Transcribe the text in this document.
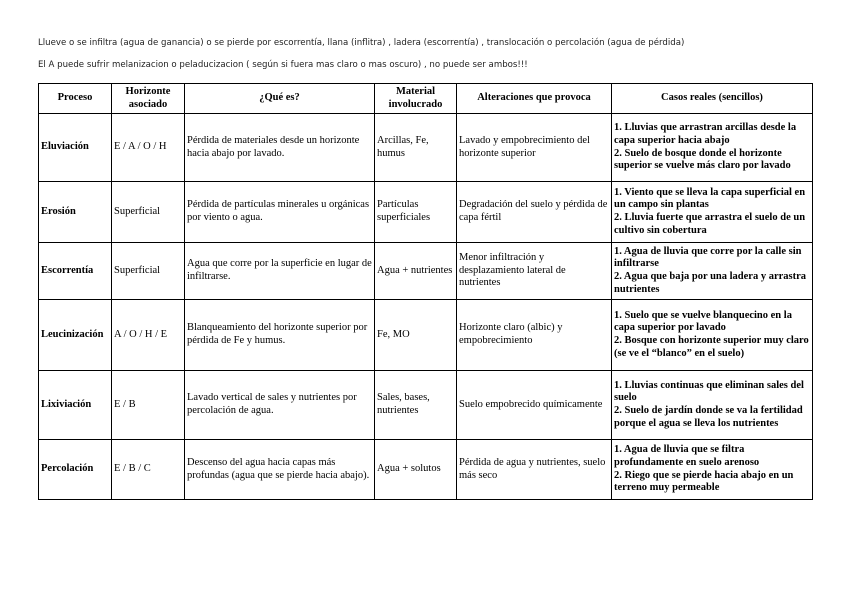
Llueve o se infiltra (agua de ganancia) o se pierde por escorrentía, llana (inflitra) , ladera (escorrentía) , translocación o percolación (agua de pérdida)
El A puede sufrir melanizacion o peladucizacion ( según si fuera mas claro o mas oscuro) , no puede ser ambos!!!
Proceso	Horizonte asociado	¿Qué es?	Material involucrado	Alteraciones que provoca	Casos reales (sencillos)
Eluviación	E / A / O / H	Pérdida de materiales desde un horizonte hacia abajo por lavado.	Arcillas, Fe, humus	Lavado y empobrecimiento del horizonte superior	1. Lluvias que arrastran arcillas desde la capa superior hacia abajo
2. Suelo de bosque donde el horizonte superior se vuelve más claro por lavado

Erosión	Superficial	Pérdida de partículas minerales u orgánicas por viento o agua.	Partículas superficiales	Degradación del suelo y pérdida de capa fértil	1. Viento que se lleva la capa superficial en un campo sin plantas
2. Lluvia fuerte que arrastra el suelo de un cultivo sin cobertura

Escorrentía	Superficial	Agua que corre por la superficie en lugar de infiltrarse.	Agua + nutrientes	Menor infiltración y desplazamiento lateral de nutrientes	1. Agua de lluvia que corre por la calle sin infiltrarse
2. Agua que baja por una ladera y arrastra nutrientes

Leucinización	A / O / H / E	Blanqueamiento del horizonte superior por pérdida de Fe y humus.	Fe, MO	Horizonte claro (albic) y empobrecimiento	1. Suelo que se vuelve blanquecino en la capa superior por lavado
2. Bosque con horizonte superior muy claro (se ve el “blanco” en el suelo)

Lixiviación	E / B	Lavado vertical de sales y nutrientes por percolación de agua.	Sales, bases, nutrientes	Suelo empobrecido químicamente	1. Lluvias continuas que eliminan sales del suelo
2. Suelo de jardín donde se va la fertilidad porque el agua se lleva los nutrientes

Percolación	E / B / C	Descenso del agua hacia capas más profundas (agua que se pierde hacia abajo).	Agua + solutos	Pérdida de agua y nutrientes, suelo más seco	1. Agua de lluvia que se filtra profundamente en suelo arenoso
2. Riego que se pierde hacia abajo en un terreno muy permeable
